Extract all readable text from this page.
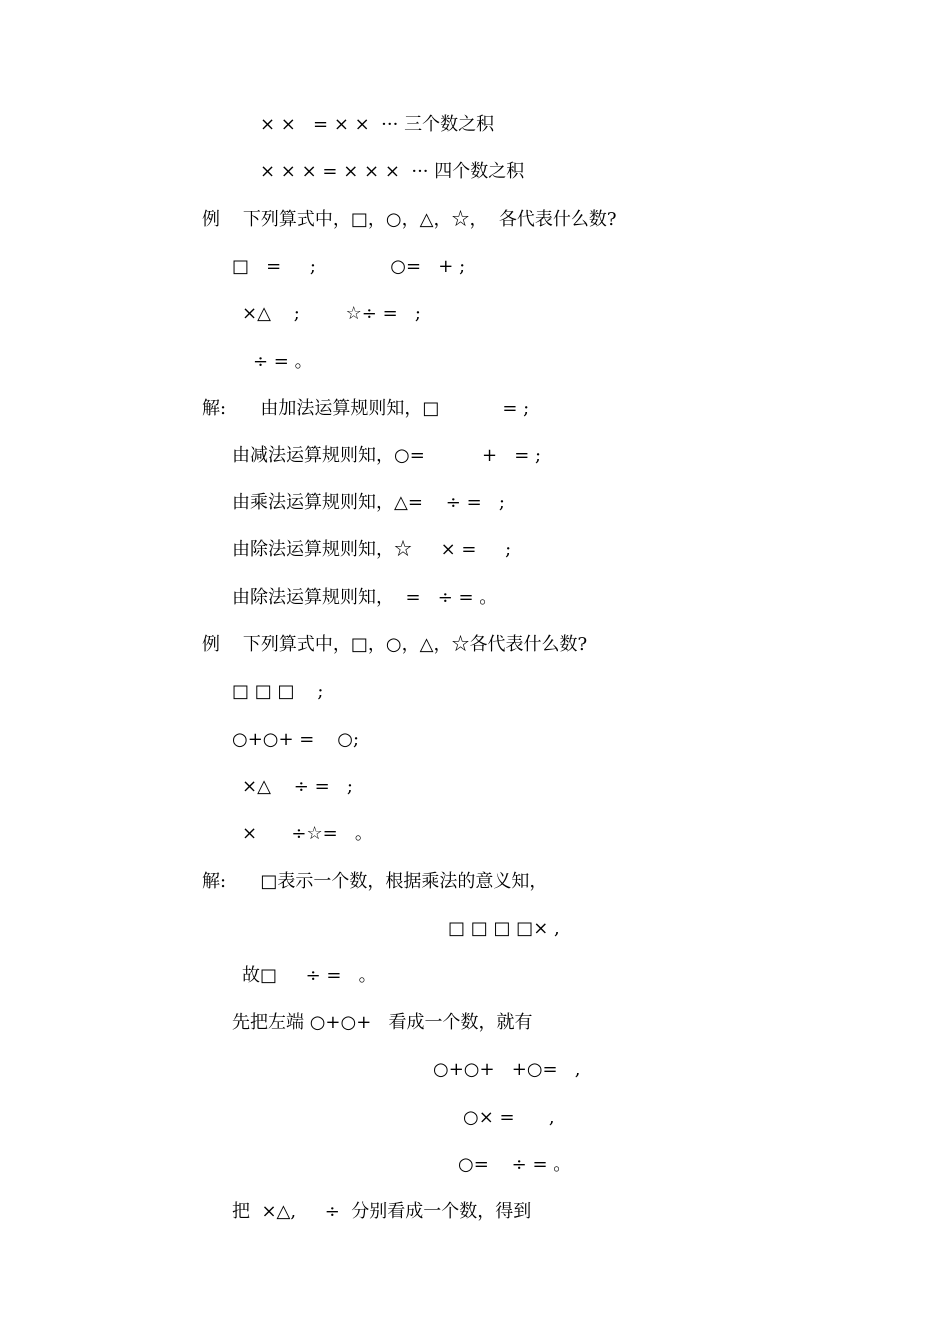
× ×   = × ×  ··· 三个数之积

× × × = × × ×  ··· 四个数之积

例    下列算式中，□，○，△，☆，  各代表什么数?

□   =     ;             ○=   + ;

×△    ;        ☆÷ =   ;

÷ = 。

解:      由加法运算规则知，□           = ;

由减法运算规则知，○=          +   = ;

由乘法运算规则知，△=    ÷ =   ;

由除法运算规则知，☆     × =     ;

由除法运算规则知，  =   ÷ = 。

例    下列算式中，□，○，△，☆各代表什么数?

□ □ □    ;

○+○+ =    ○;

×△    ÷ =   ;

×      ÷☆=   。

解:      □表示一个数，根据乘法的意义知，

□ □ □ □× ,

故□     ÷ =   。

先把左端 ○+○+   看成一个数，就有

○+○+   +○=   ,

○× =      ,

○=    ÷ = 。

把  ×△,     ÷  分别看成一个数，得到
